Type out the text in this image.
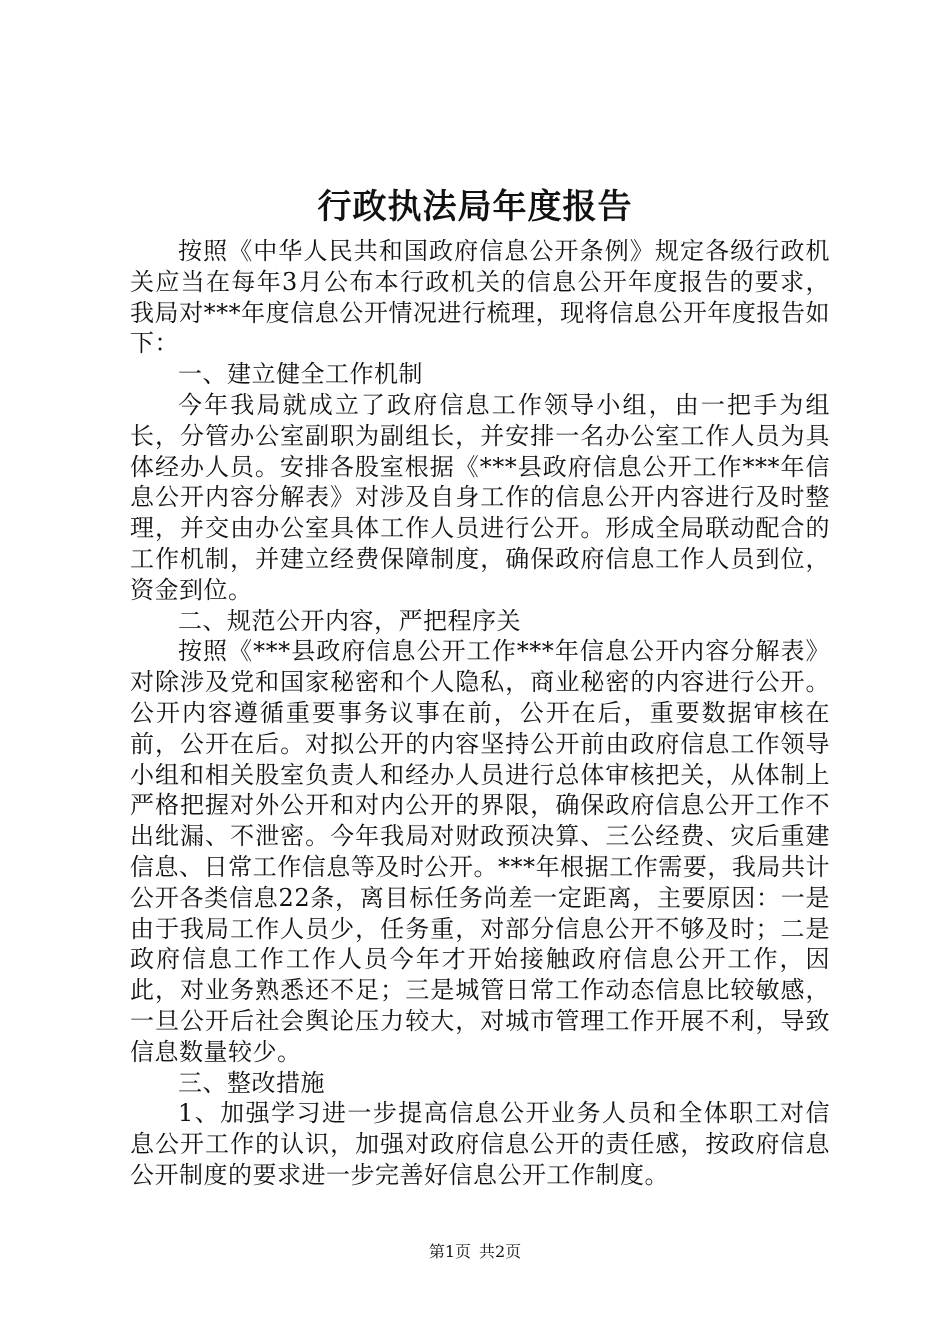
行政执法局年度报告

按照《中华人民共和国政府信息公开条例》规定各级行政机关应当在每年3月公布本行政机关的信息公开年度报告的要求，我局对***年度信息公开情况进行梳理，现将信息公开年度报告如下：

一、建立健全工作机制

今年我局就成立了政府信息工作领导小组，由一把手为组长，分管办公室副职为副组长，并安排一名办公室工作人员为具体经办人员。安排各股室根据《***县政府信息公开工作***年信息公开内容分解表》对涉及自身工作的信息公开内容进行及时整理，并交由办公室具体工作人员进行公开。形成全局联动配合的工作机制，并建立经费保障制度，确保政府信息工作人员到位，资金到位。

二、规范公开内容，严把程序关

按照《***县政府信息公开工作***年信息公开内容分解表》对除涉及党和国家秘密和个人隐私，商业秘密的内容进行公开。公开内容遵循重要事务议事在前，公开在后，重要数据审核在前，公开在后。对拟公开的内容坚持公开前由政府信息工作领导小组和相关股室负责人和经办人员进行总体审核把关，从体制上严格把握对外公开和对内公开的界限，确保政府信息公开工作不出纰漏、不泄密。今年我局对财政预决算、三公经费、灾后重建信息、日常工作信息等及时公开。***年根据工作需要，我局共计公开各类信息22条，离目标任务尚差一定距离，主要原因：一是由于我局工作人员少，任务重，对部分信息公开不够及时；二是政府信息工作工作人员今年才开始接触政府信息公开工作，因此，对业务熟悉还不足；三是城管日常工作动态信息比较敏感，一旦公开后社会舆论压力较大，对城市管理工作开展不利，导致信息数量较少。

三、整改措施

1、加强学习进一步提高信息公开业务人员和全体职工对信息公开工作的认识，加强对政府信息公开的责任感，按政府信息公开制度的要求进一步完善好信息公开工作制度。

第1页 共2页
